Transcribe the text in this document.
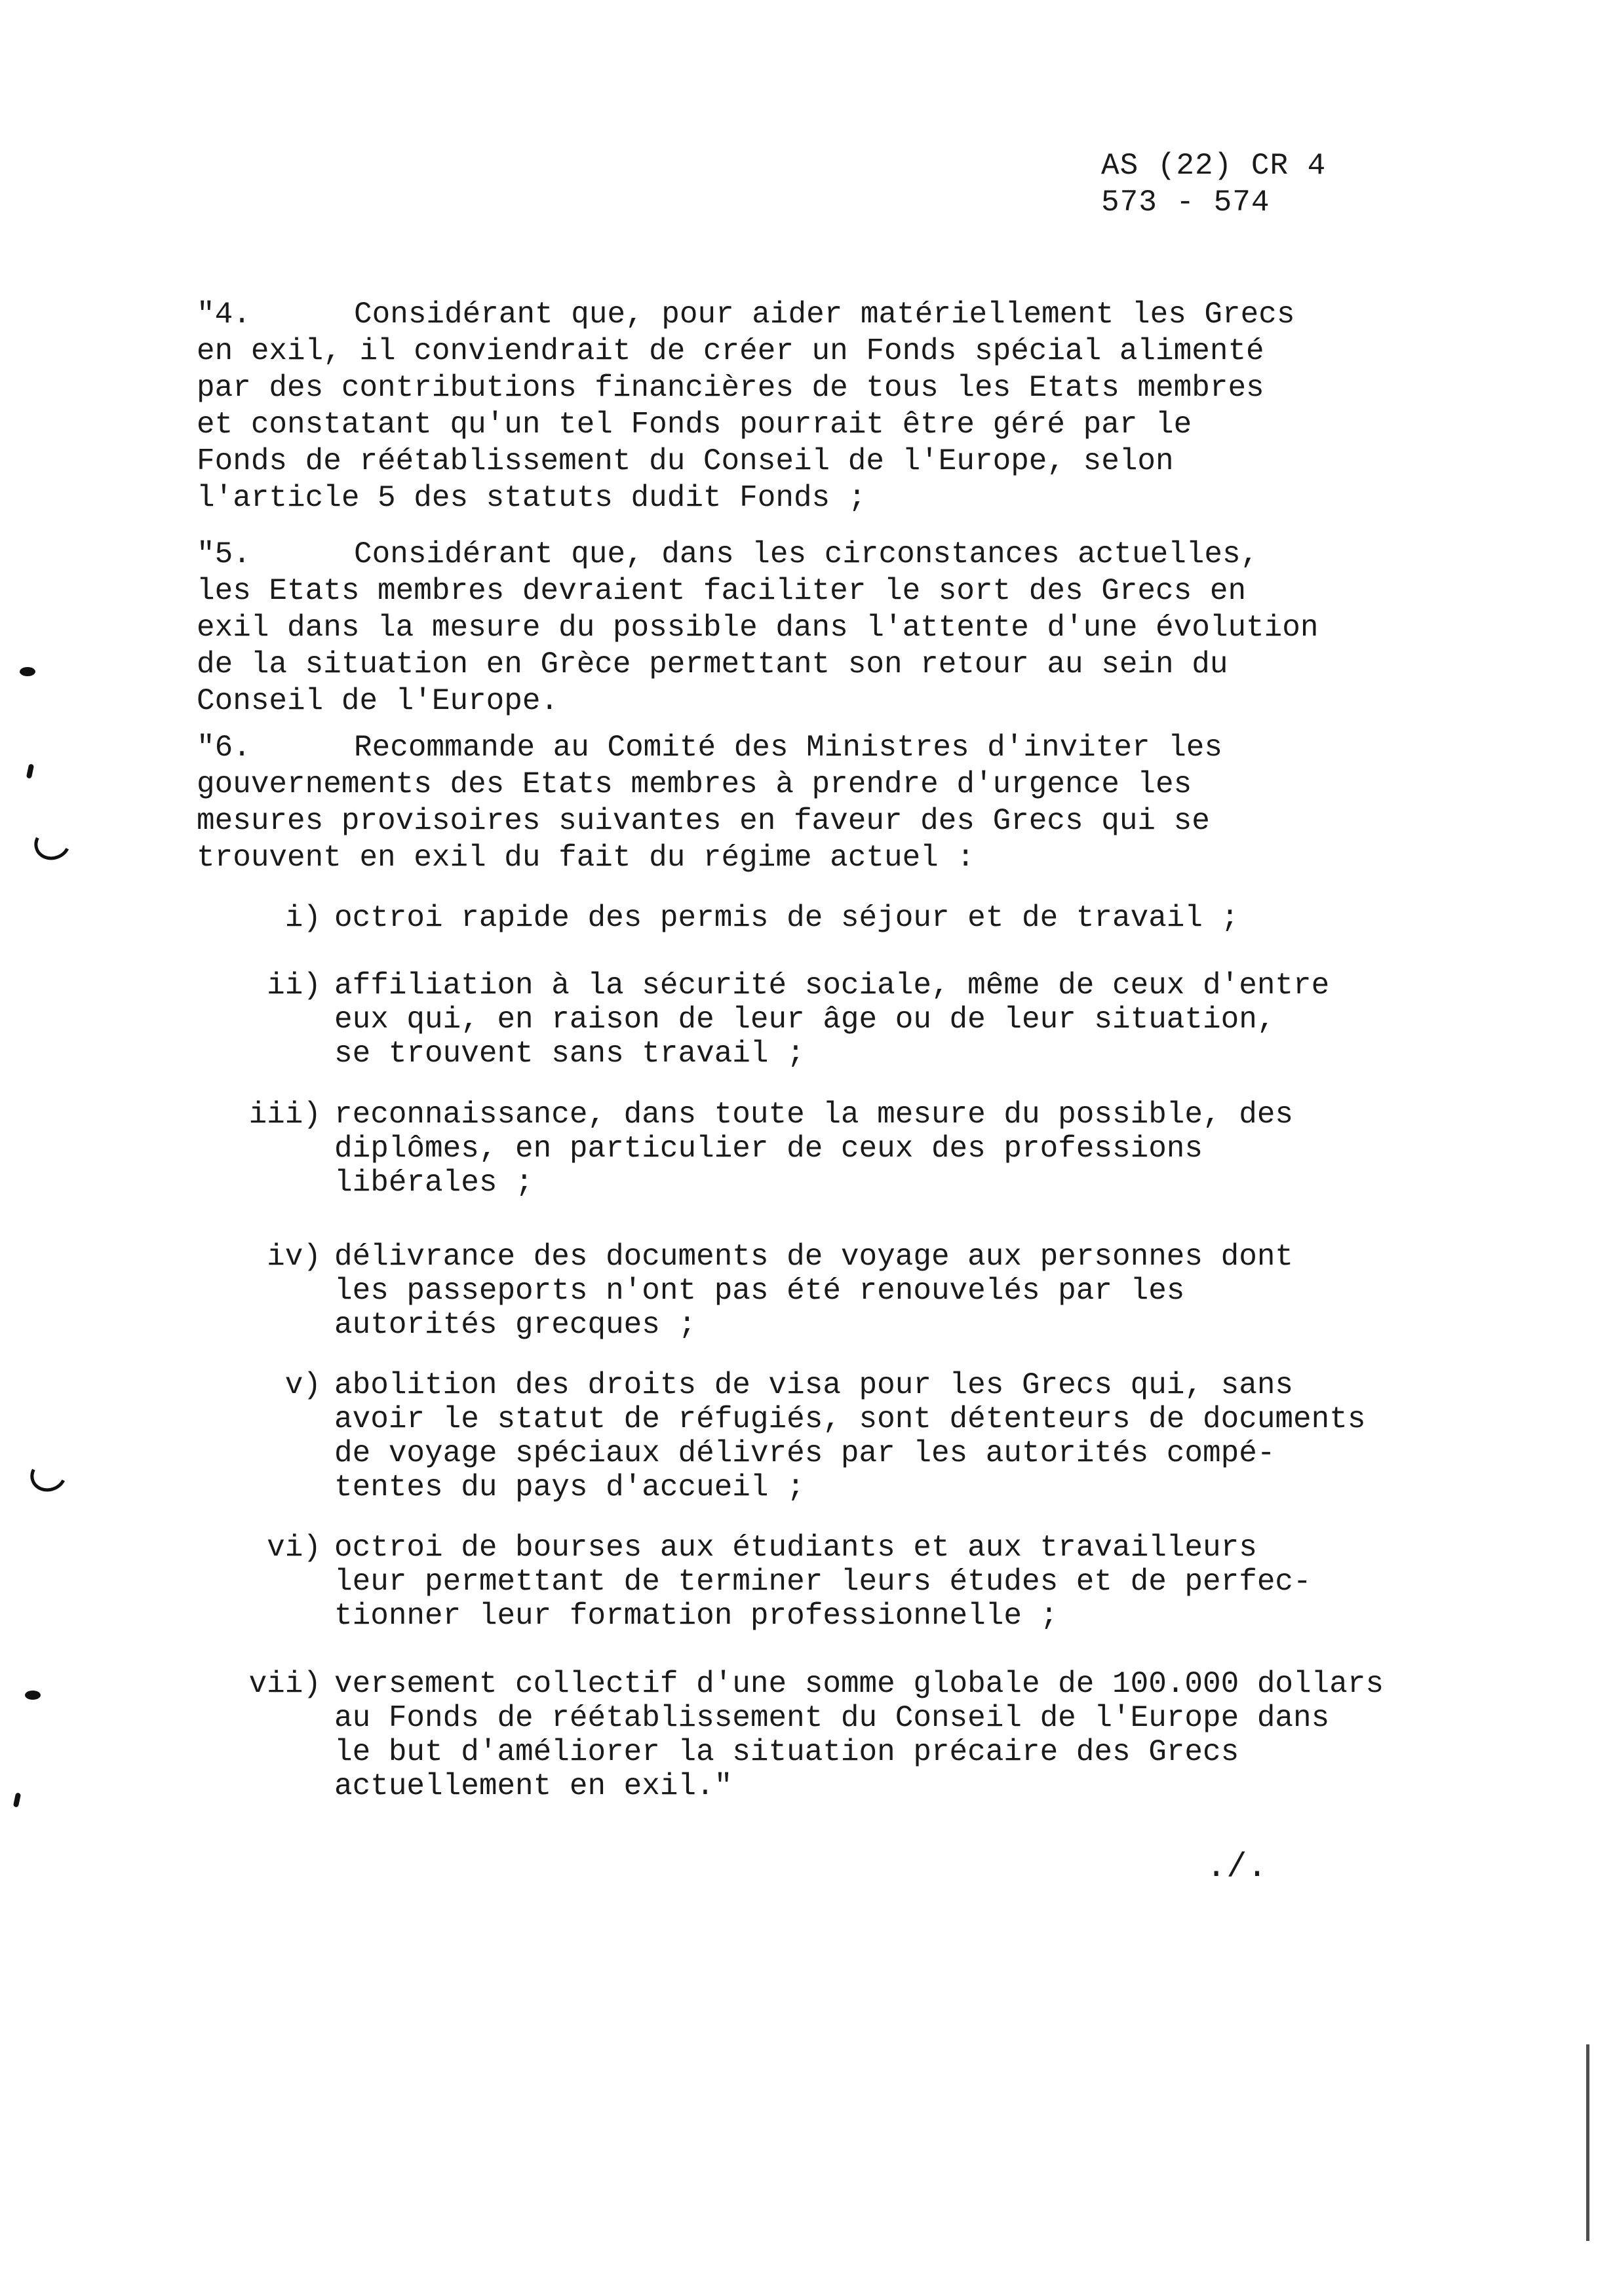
AS (22) CR 4
573 - 574
"4.	Considérant que, pour aider matériellement les Grecs
en exil, il conviendrait de créer un Fonds spécial alimenté
par des contributions financières de tous les Etats membres
et constatant qu'un tel Fonds pourrait être géré par le
Fonds de réétablissement du Conseil de l'Europe, selon
l'article 5 des statuts dudit Fonds ;
"5.	Considérant que, dans les circonstances actuelles,
les Etats membres devraient faciliter le sort des Grecs en
exil dans la mesure du possible dans l'attente d'une évolution
de la situation en Grèce permettant son retour au sein du
Conseil de l'Europe.
"6.	Recommande au Comité des Ministres d'inviter les
gouvernements des Etats membres à prendre d'urgence les
mesures provisoires suivantes en faveur des Grecs qui se
trouvent en exil du fait du régime actuel :
i) octroi rapide des permis de séjour et de travail ;
ii) affiliation à la sécurité sociale, même de ceux d'entre
eux qui, en raison de leur âge ou de leur situation,
se trouvent sans travail ;
iii) reconnaissance, dans toute la mesure du possible, des
diplômes, en particulier de ceux des professions
libérales ;
iv) délivrance des documents de voyage aux personnes dont
les passeports n'ont pas été renouvelés par les
autorités grecques ;
v) abolition des droits de visa pour les Grecs qui, sans
avoir le statut de réfugiés, sont détenteurs de documents
de voyage spéciaux délivrés par les autorités compé-
tentes du pays d'accueil ;
vi) octroi de bourses aux étudiants et aux travailleurs
leur permettant de terminer leurs études et de perfec-
tionner leur formation professionnelle ;
vii) versement collectif d'une somme globale de 100.000 dollars
au Fonds de réétablissement du Conseil de l'Europe dans
le but d'améliorer la situation précaire des Grecs
actuellement en exil."
./.
